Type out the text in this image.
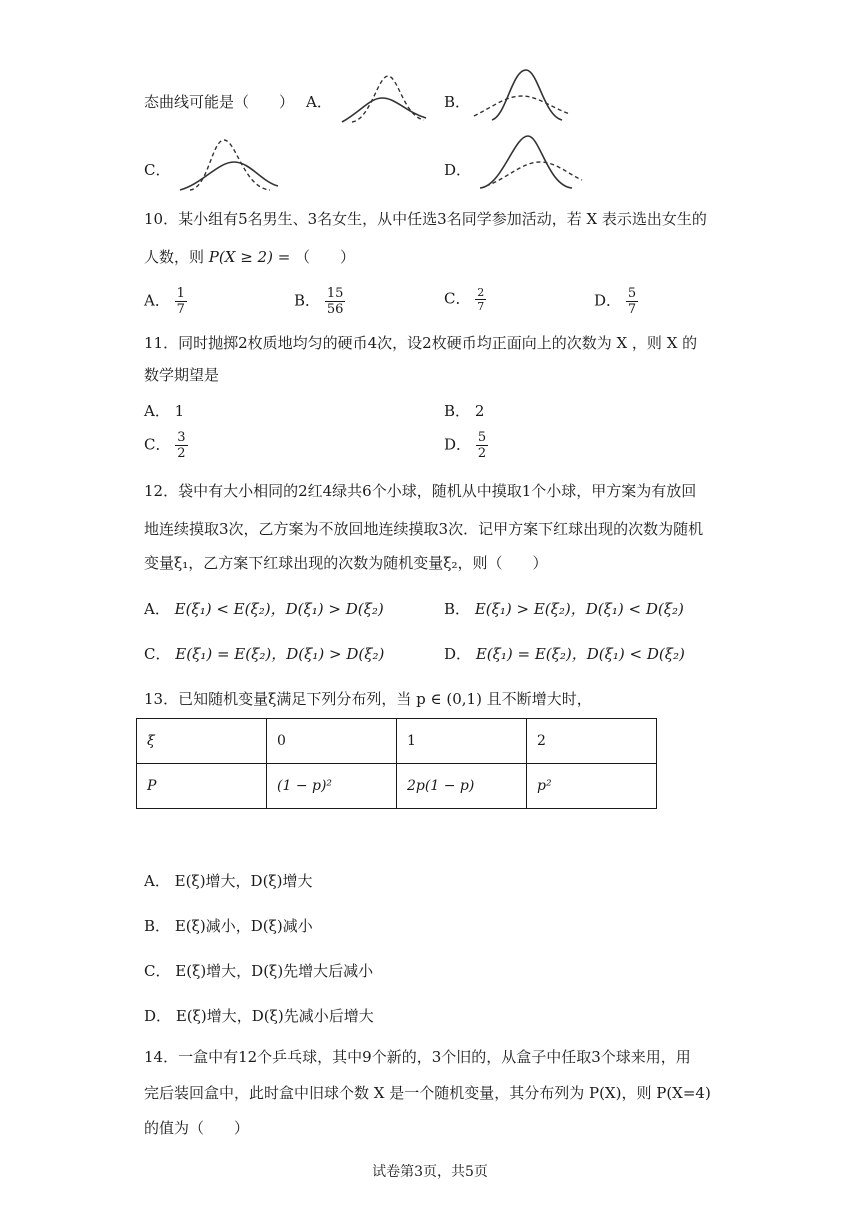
态曲线可能是（　　） A．	B．
C．	D．
10．某小组有5名男生、3名女生，从中任选3名同学参加活动，若 X 表示选出女生的
人数，则 P(X ≥ 2) = （　　）
A． $\frac{1}{7}$	B． $\frac{15}{56}$	C． $\frac{2}{7}$	D． $\frac{5}{7}$
11．同时抛掷2枚质地均匀的硬币4次，设2枚硬币均正面向上的次数为 X ，则 X 的
数学期望是
A． 1	B． 2
C． $\frac{3}{2}$	D． $\frac{5}{2}$
12．袋中有大小相同的2红4绿共6个小球，随机从中摸取1个小球，甲方案为有放回
地连续摸取3次，乙方案为不放回地连续摸取3次．记甲方案下红球出现的次数为随机
变量ξ₁，乙方案下红球出现的次数为随机变量ξ₂，则（　　）
A． E(ξ₁) < E(ξ₂)，D(ξ₁) > D(ξ₂)	B． E(ξ₁) > E(ξ₂)，D(ξ₁) < D(ξ₂)
C． E(ξ₁) = E(ξ₂)，D(ξ₁) > D(ξ₂)	D． E(ξ₁) = E(ξ₂)，D(ξ₁) < D(ξ₂)
13．已知随机变量ξ满足下列分布列，当 p ∈ (0,1) 且不断增大时，
ξ	0	1	2
P	(1 − p)²	2p(1 − p)	p²
A． E(ξ)增大，D(ξ)增大
B． E(ξ)减小，D(ξ)减小
C． E(ξ)增大，D(ξ)先增大后减小
D． E(ξ)增大，D(ξ)先减小后增大
14．一盒中有12个乒乓球，其中9个新的，3个旧的，从盒子中任取3个球来用，用
完后装回盒中，此时盒中旧球个数 X 是一个随机变量，其分布列为 P(X)，则 P(X=4)
的值为（　　）
试卷第3页，共5页
